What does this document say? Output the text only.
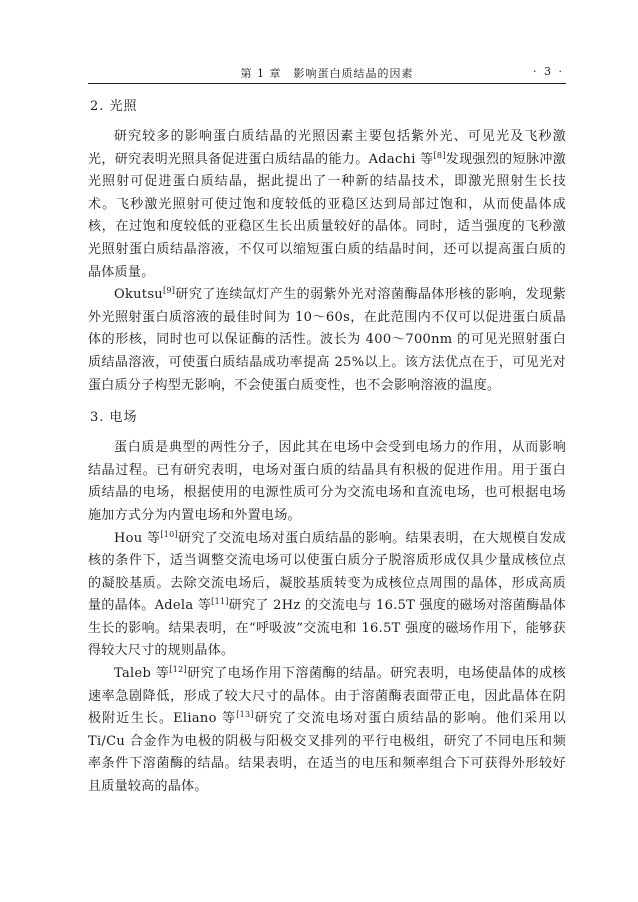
第 1 章　影响蛋白质结晶的因素	· 3 ·

2. 光照

研究较多的影响蛋白质结晶的光照因素主要包括紫外光、可见光及飞秒激光，研究表明光照具备促进蛋白质结晶的能力。Adachi 等[8]发现强烈的短脉冲激光照射可促进蛋白质结晶，据此提出了一种新的结晶技术，即激光照射生长技术。飞秒激光照射可使过饱和度较低的亚稳区达到局部过饱和，从而使晶体成核，在过饱和度较低的亚稳区生长出质量较好的晶体。同时，适当强度的飞秒激光照射蛋白质结晶溶液，不仅可以缩短蛋白质的结晶时间，还可以提高蛋白质的晶体质量。

Okutsu[9]研究了连续氙灯产生的弱紫外光对溶菌酶晶体形核的影响，发现紫外光照射蛋白质溶液的最佳时间为 10～60s，在此范围内不仅可以促进蛋白质晶体的形核，同时也可以保证酶的活性。波长为 400～700nm 的可见光照射蛋白质结晶溶液，可使蛋白质结晶成功率提高 25%以上。该方法优点在于，可见光对蛋白质分子构型无影响，不会使蛋白质变性，也不会影响溶液的温度。

3. 电场

蛋白质是典型的两性分子，因此其在电场中会受到电场力的作用，从而影响结晶过程。已有研究表明，电场对蛋白质的结晶具有积极的促进作用。用于蛋白质结晶的电场，根据使用的电源性质可分为交流电场和直流电场，也可根据电场施加方式分为内置电场和外置电场。

Hou 等[10]研究了交流电场对蛋白质结晶的影响。结果表明，在大规模自发成核的条件下，适当调整交流电场可以使蛋白质分子脱溶质形成仅具少量成核位点的凝胶基质。去除交流电场后，凝胶基质转变为成核位点周围的晶体，形成高质量的晶体。Adela 等[11]研究了 2Hz 的交流电与 16.5T 强度的磁场对溶菌酶晶体生长的影响。结果表明，在“呼吸波”交流电和 16.5T 强度的磁场作用下，能够获得较大尺寸的规则晶体。

Taleb 等[12]研究了电场作用下溶菌酶的结晶。研究表明，电场使晶体的成核速率急剧降低，形成了较大尺寸的晶体。由于溶菌酶表面带正电，因此晶体在阴极附近生长。Eliano 等[13]研究了交流电场对蛋白质结晶的影响。他们采用以 Ti/Cu 合金作为电极的阴极与阳极交叉排列的平行电极组，研究了不同电压和频率条件下溶菌酶的结晶。结果表明，在适当的电压和频率组合下可获得外形较好且质量较高的晶体。
